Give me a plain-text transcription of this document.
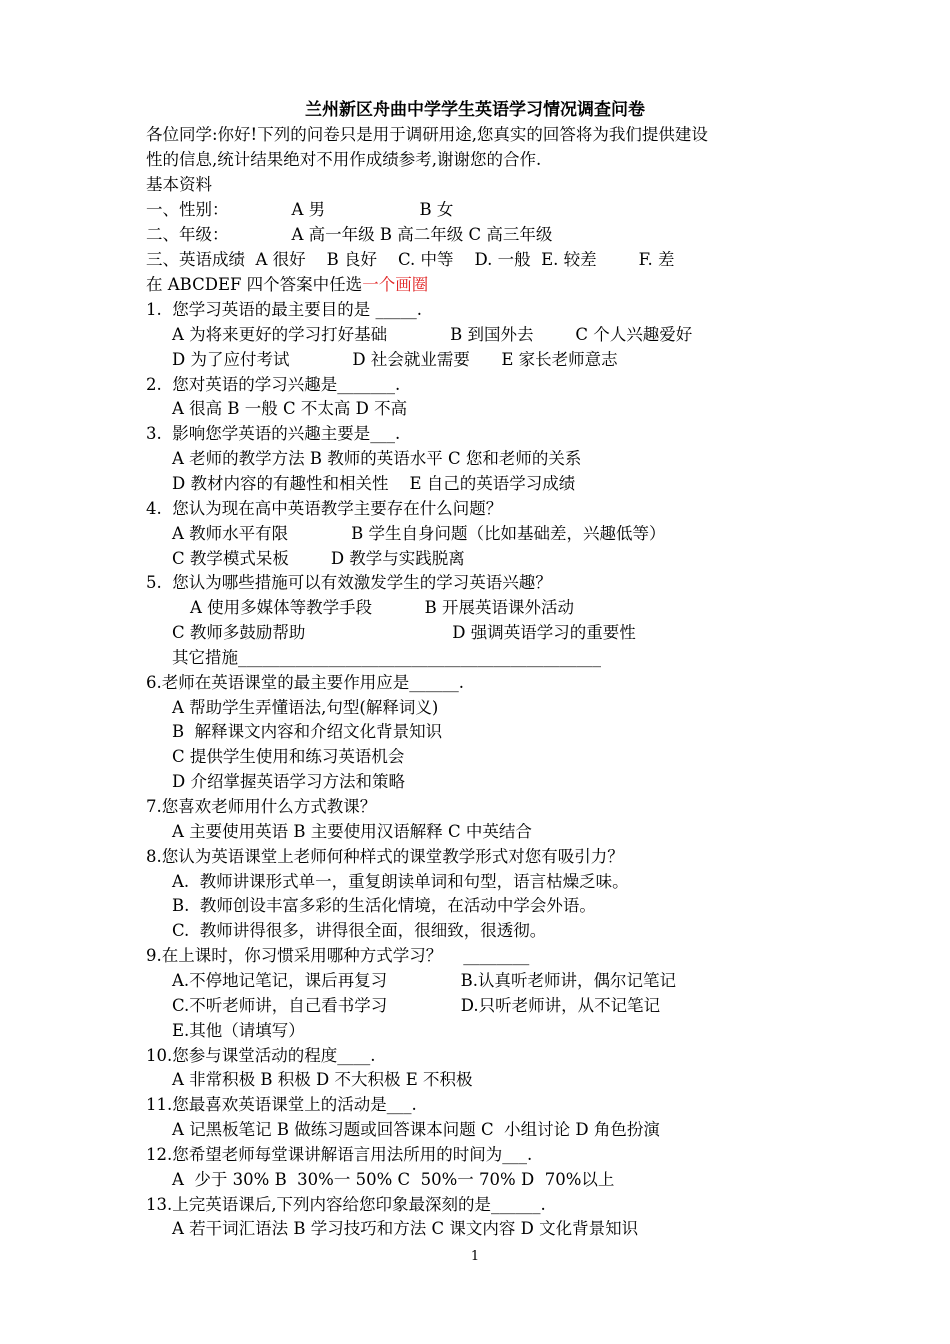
兰州新区舟曲中学学生英语学习情况调查问卷
各位同学:你好!下列的问卷只是用于调研用途,您真实的回答将为我们提供建设
性的信息,统计结果绝对不用作成绩参考,谢谢您的合作.
基本资料
一、性别：            A 男                  B 女
二、年级：            A 高一年级 B 高二年级 C 高三年级
三、英语成绩  A 很好    B 良好    C. 中等    D. 一般  E. 较差        F. 差
在 ABCDEF 四个答案中任选一个画圈
1.  您学习英语的最主要目的是 _____.
A 为将来更好的学习打好基础            B 到国外去        C 个人兴趣爱好
D 为了应付考试            D 社会就业需要      E 家长老师意志
2.  您对英语的学习兴趣是_______.
A 很高 B 一般 C 不太高 D 不高
3.  影响您学英语的兴趣主要是___.
A 老师的教学方法 B 教师的英语水平 C 您和老师的关系
D 教材内容的有趣性和相关性    E 自己的英语学习成绩
4.  您认为现在高中英语教学主要存在什么问题？
A 教师水平有限            B 学生自身问题（比如基础差，兴趣低等）
C 教学模式呆板        D 教学与实践脱离
5.  您认为哪些措施可以有效激发学生的学习英语兴趣？
A 使用多媒体等教学手段          B 开展英语课外活动
C 教师多鼓励帮助                            D 强调英语学习的重要性
其它措施____________________________________________
6.老师在英语课堂的最主要作用应是______.
A 帮助学生弄懂语法,句型(解释词义)
B  解释课文内容和介绍文化背景知识
C 提供学生使用和练习英语机会
D 介绍掌握英语学习方法和策略
7.您喜欢老师用什么方式教课？
A 主要使用英语 B 主要使用汉语解释 C 中英结合
8.您认为英语课堂上老师何种样式的课堂教学形式对您有吸引力？
A.  教师讲课形式单一，重复朗读单词和句型，语言枯燥乏味。
B.  教师创设丰富多彩的生活化情境，在活动中学会外语。
C.  教师讲得很多，讲得很全面，很细致，很透彻。
9.在上课时，你习惯采用哪种方式学习？    ________
A.不停地记笔记，课后再复习              B.认真听老师讲，偶尔记笔记
C.不听老师讲，自己看书学习              D.只听老师讲，从不记笔记
E.其他（请填写）
10.您参与课堂活动的程度____.
A 非常积极 B 积极 D 不大积极 E 不积极
11.您最喜欢英语课堂上的活动是___.
A 记黑板笔记 B 做练习题或回答课本问题 C  小组讨论 D 角色扮演
12.您希望老师每堂课讲解语言用法所用的时间为___.
A  少于 30% B  30%一 50% C  50%一 70% D  70%以上
13.上完英语课后,下列内容给您印象最深刻的是______.
A 若干词汇语法 B 学习技巧和方法 C 课文内容 D 文化背景知识
1
